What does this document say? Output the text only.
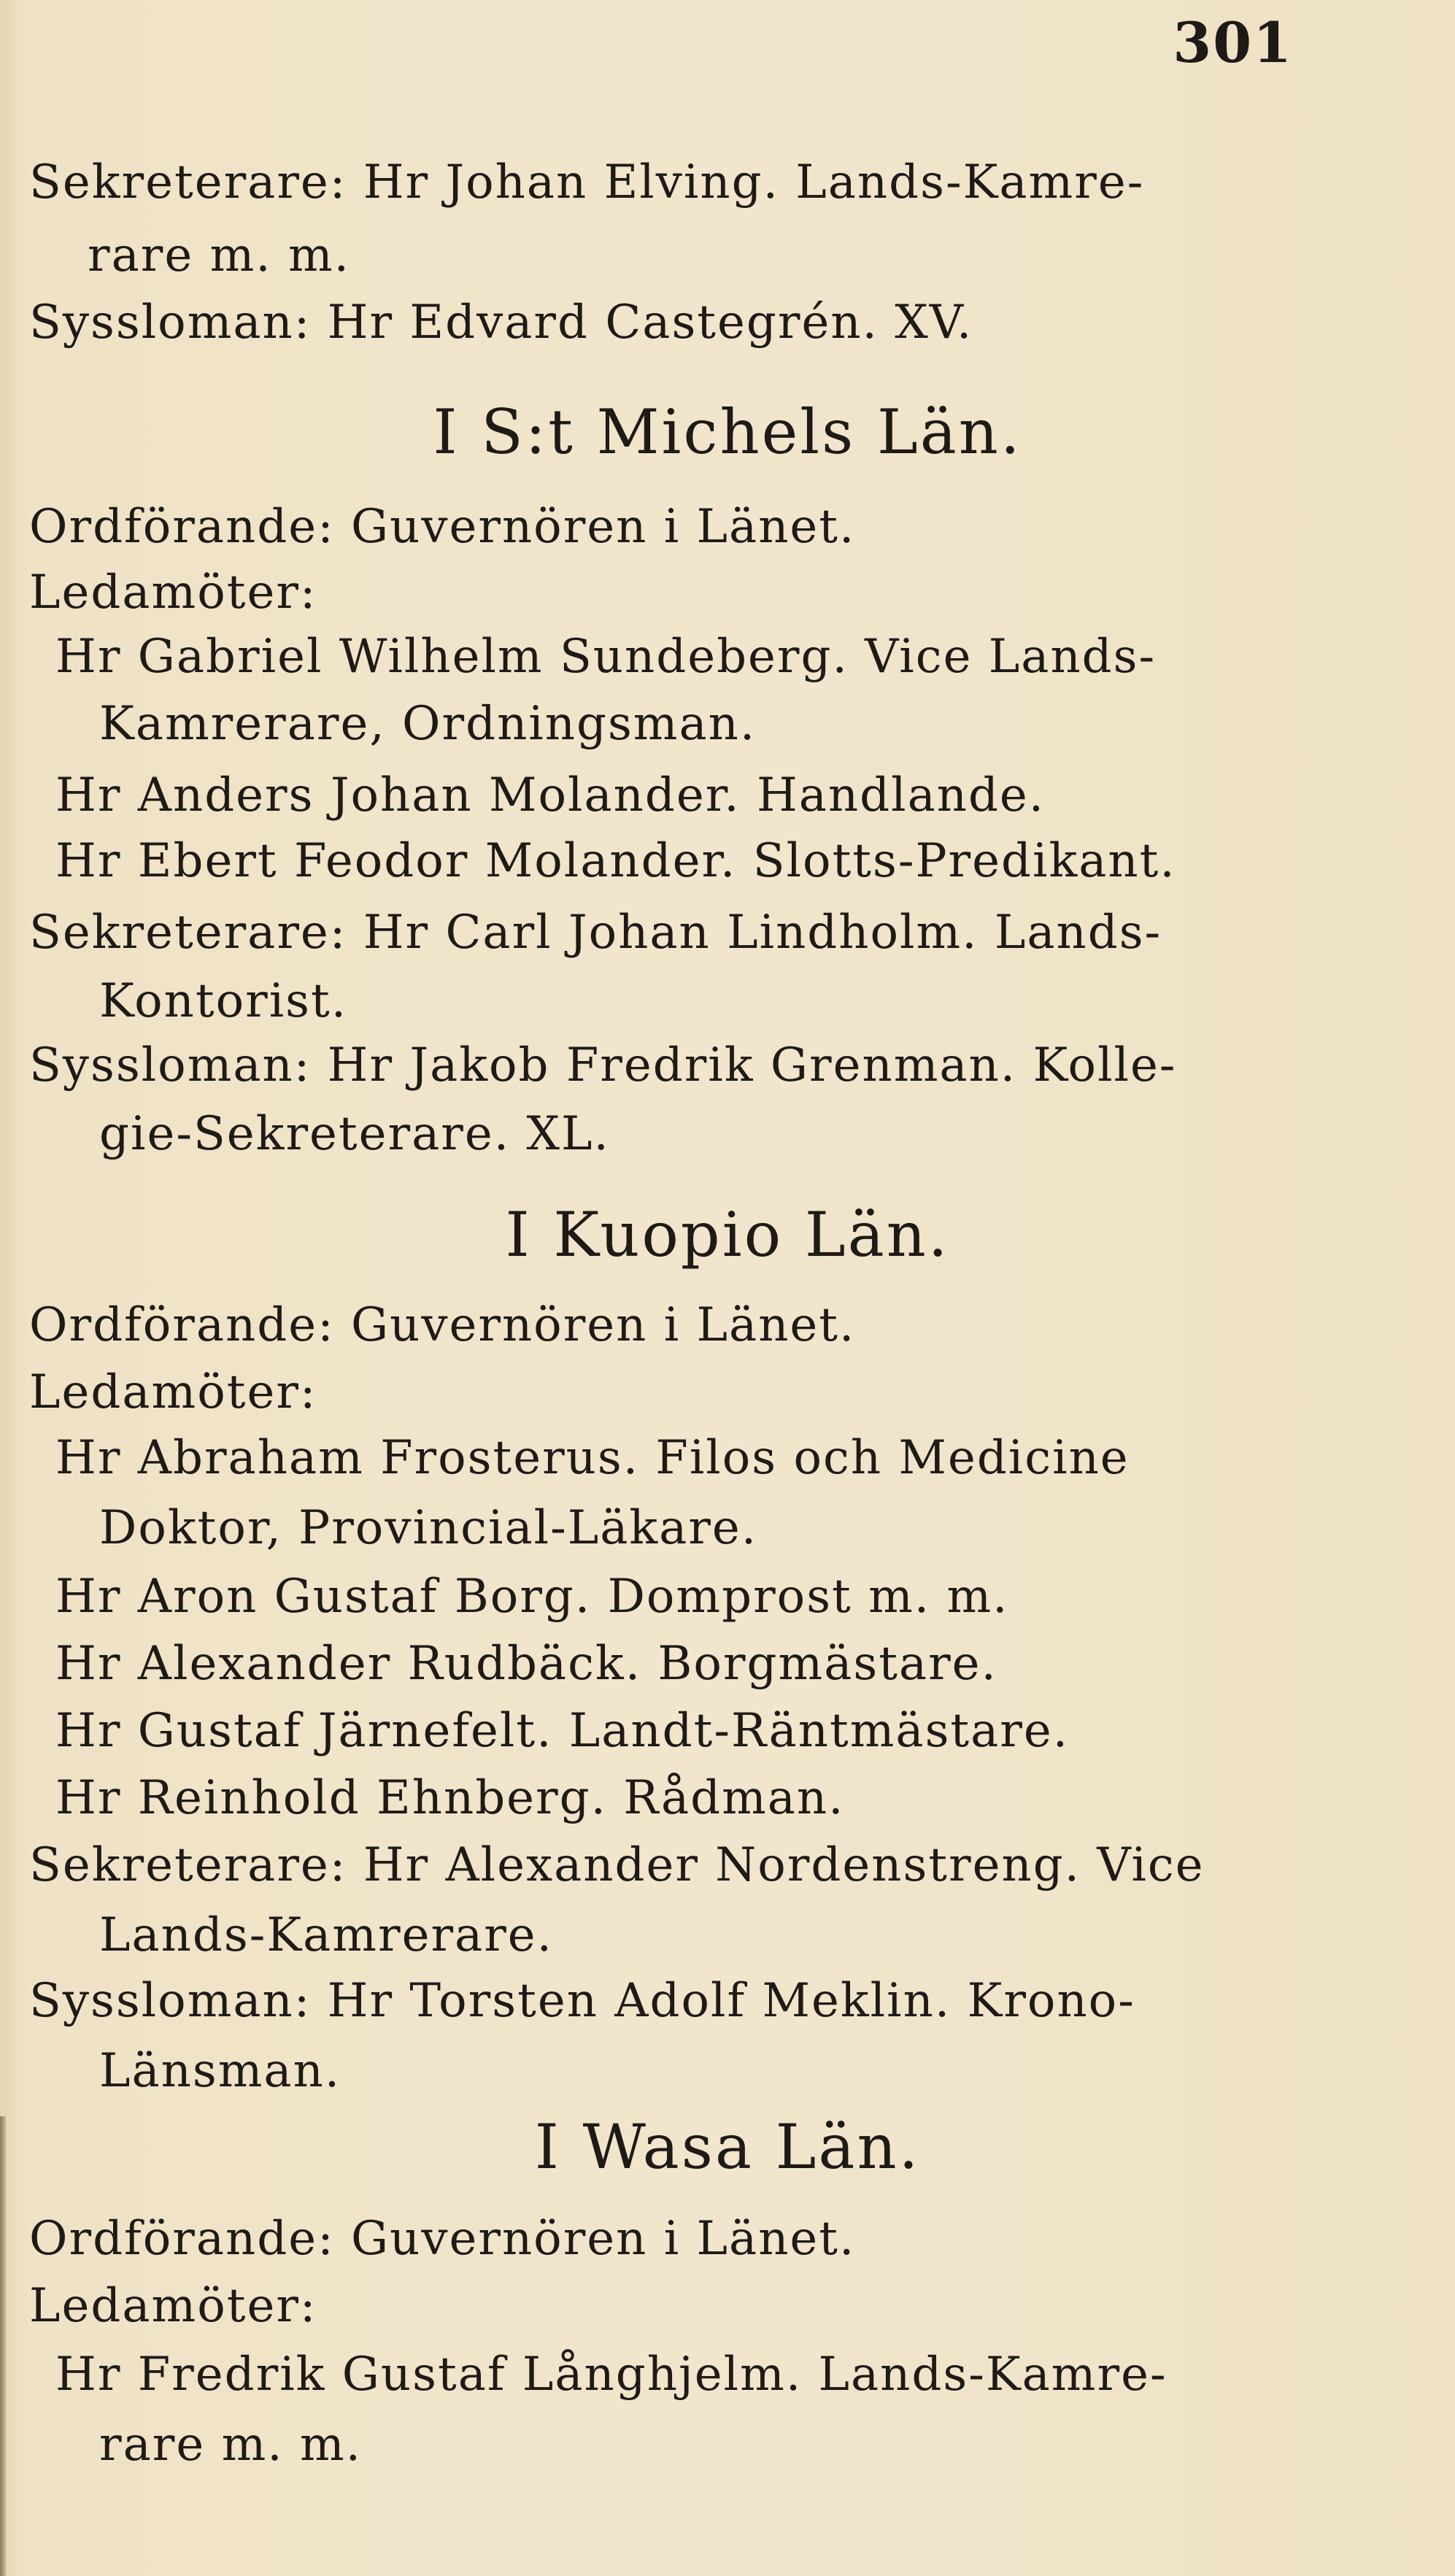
301
Sekreterare: Hr Johan Elving. Lands-Kamre-
rare m. m.
Syssloman: Hr Edvard Castegrén. XV.
I S:t Michels Län.
Ordförande: Guvernören i Länet.
Ledamöter:
Hr Gabriel Wilhelm Sundeberg. Vice Lands-
Kamrerare, Ordningsman.
Hr Anders Johan Molander. Handlande.
Hr Ebert Feodor Molander. Slotts-Predikant.
Sekreterare: Hr Carl Johan Lindholm. Lands-
Kontorist.
Syssloman: Hr Jakob Fredrik Grenman. Kolle-
gie-Sekreterare. XL.
I Kuopio Län.
Ordförande: Guvernören i Länet.
Ledamöter:
Hr Abraham Frosterus. Filos och Medicine
Doktor, Provincial-Läkare.
Hr Aron Gustaf Borg. Domprost m. m.
Hr Alexander Rudbäck. Borgmästare.
Hr Gustaf Järnefelt. Landt-Räntmästare.
Hr Reinhold Ehnberg. Rådman.
Sekreterare: Hr Alexander Nordenstreng. Vice
Lands-Kamrerare.
Syssloman: Hr Torsten Adolf Meklin. Krono-
Länsman.
I Wasa Län.
Ordförande: Guvernören i Länet.
Ledamöter:
Hr Fredrik Gustaf Långhjelm. Lands-Kamre-
rare m. m.
